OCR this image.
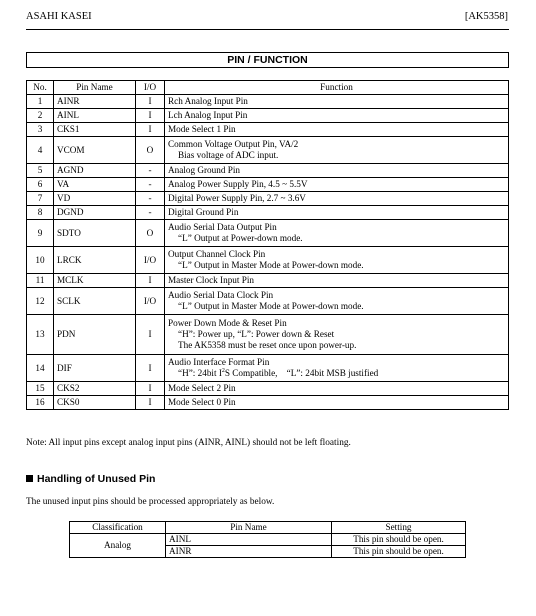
ASAHI KASEI	[AK5358]
PIN / FUNCTION
No.	Pin Name	I/O	Function
1	AINR	I	Rch Analog Input Pin
2	AINL	I	Lch Analog Input Pin
3	CKS1	I	Mode Select 1 Pin
4	VCOM	O	Common Voltage Output Pin, VA/2
Bias voltage of ADC input.

5	AGND	-	Analog Ground Pin
6	VA	-	Analog Power Supply Pin, 4.5 ~ 5.5V
7	VD	-	Digital Power Supply Pin, 2.7 ~ 3.6V
8	DGND	-	Digital Ground Pin
9	SDTO	O	Audio Serial Data Output Pin
“L” Output at Power-down mode.

10	LRCK	I/O	Output Channel Clock Pin
“L” Output in Master Mode at Power-down mode.

11	MCLK	I	Master Clock Input Pin
12	SCLK	I/O	Audio Serial Data Clock Pin
“L” Output in Master Mode at Power-down mode.

13	PDN	I	Power Down Mode & Reset Pin
“H”: Power up, “L”: Power down & Reset
The AK5358 must be reset once upon power-up.

14	DIF	I	Audio Interface Format Pin
“H”: 24bit $I^2S$ Compatible,    “L”: 24bit MSB justified

15	CKS2	I	Mode Select 2 Pin
16	CKS0	I	Mode Select 0 Pin
Note: All input pins except analog input pins (AINR, AINL) should not be left floating.
Handling of Unused Pin
The unused input pins should be processed appropriately as below.
Classification	Pin Name	Setting
Analog	AINL	This pin should be open.
	AINR	This pin should be open.
